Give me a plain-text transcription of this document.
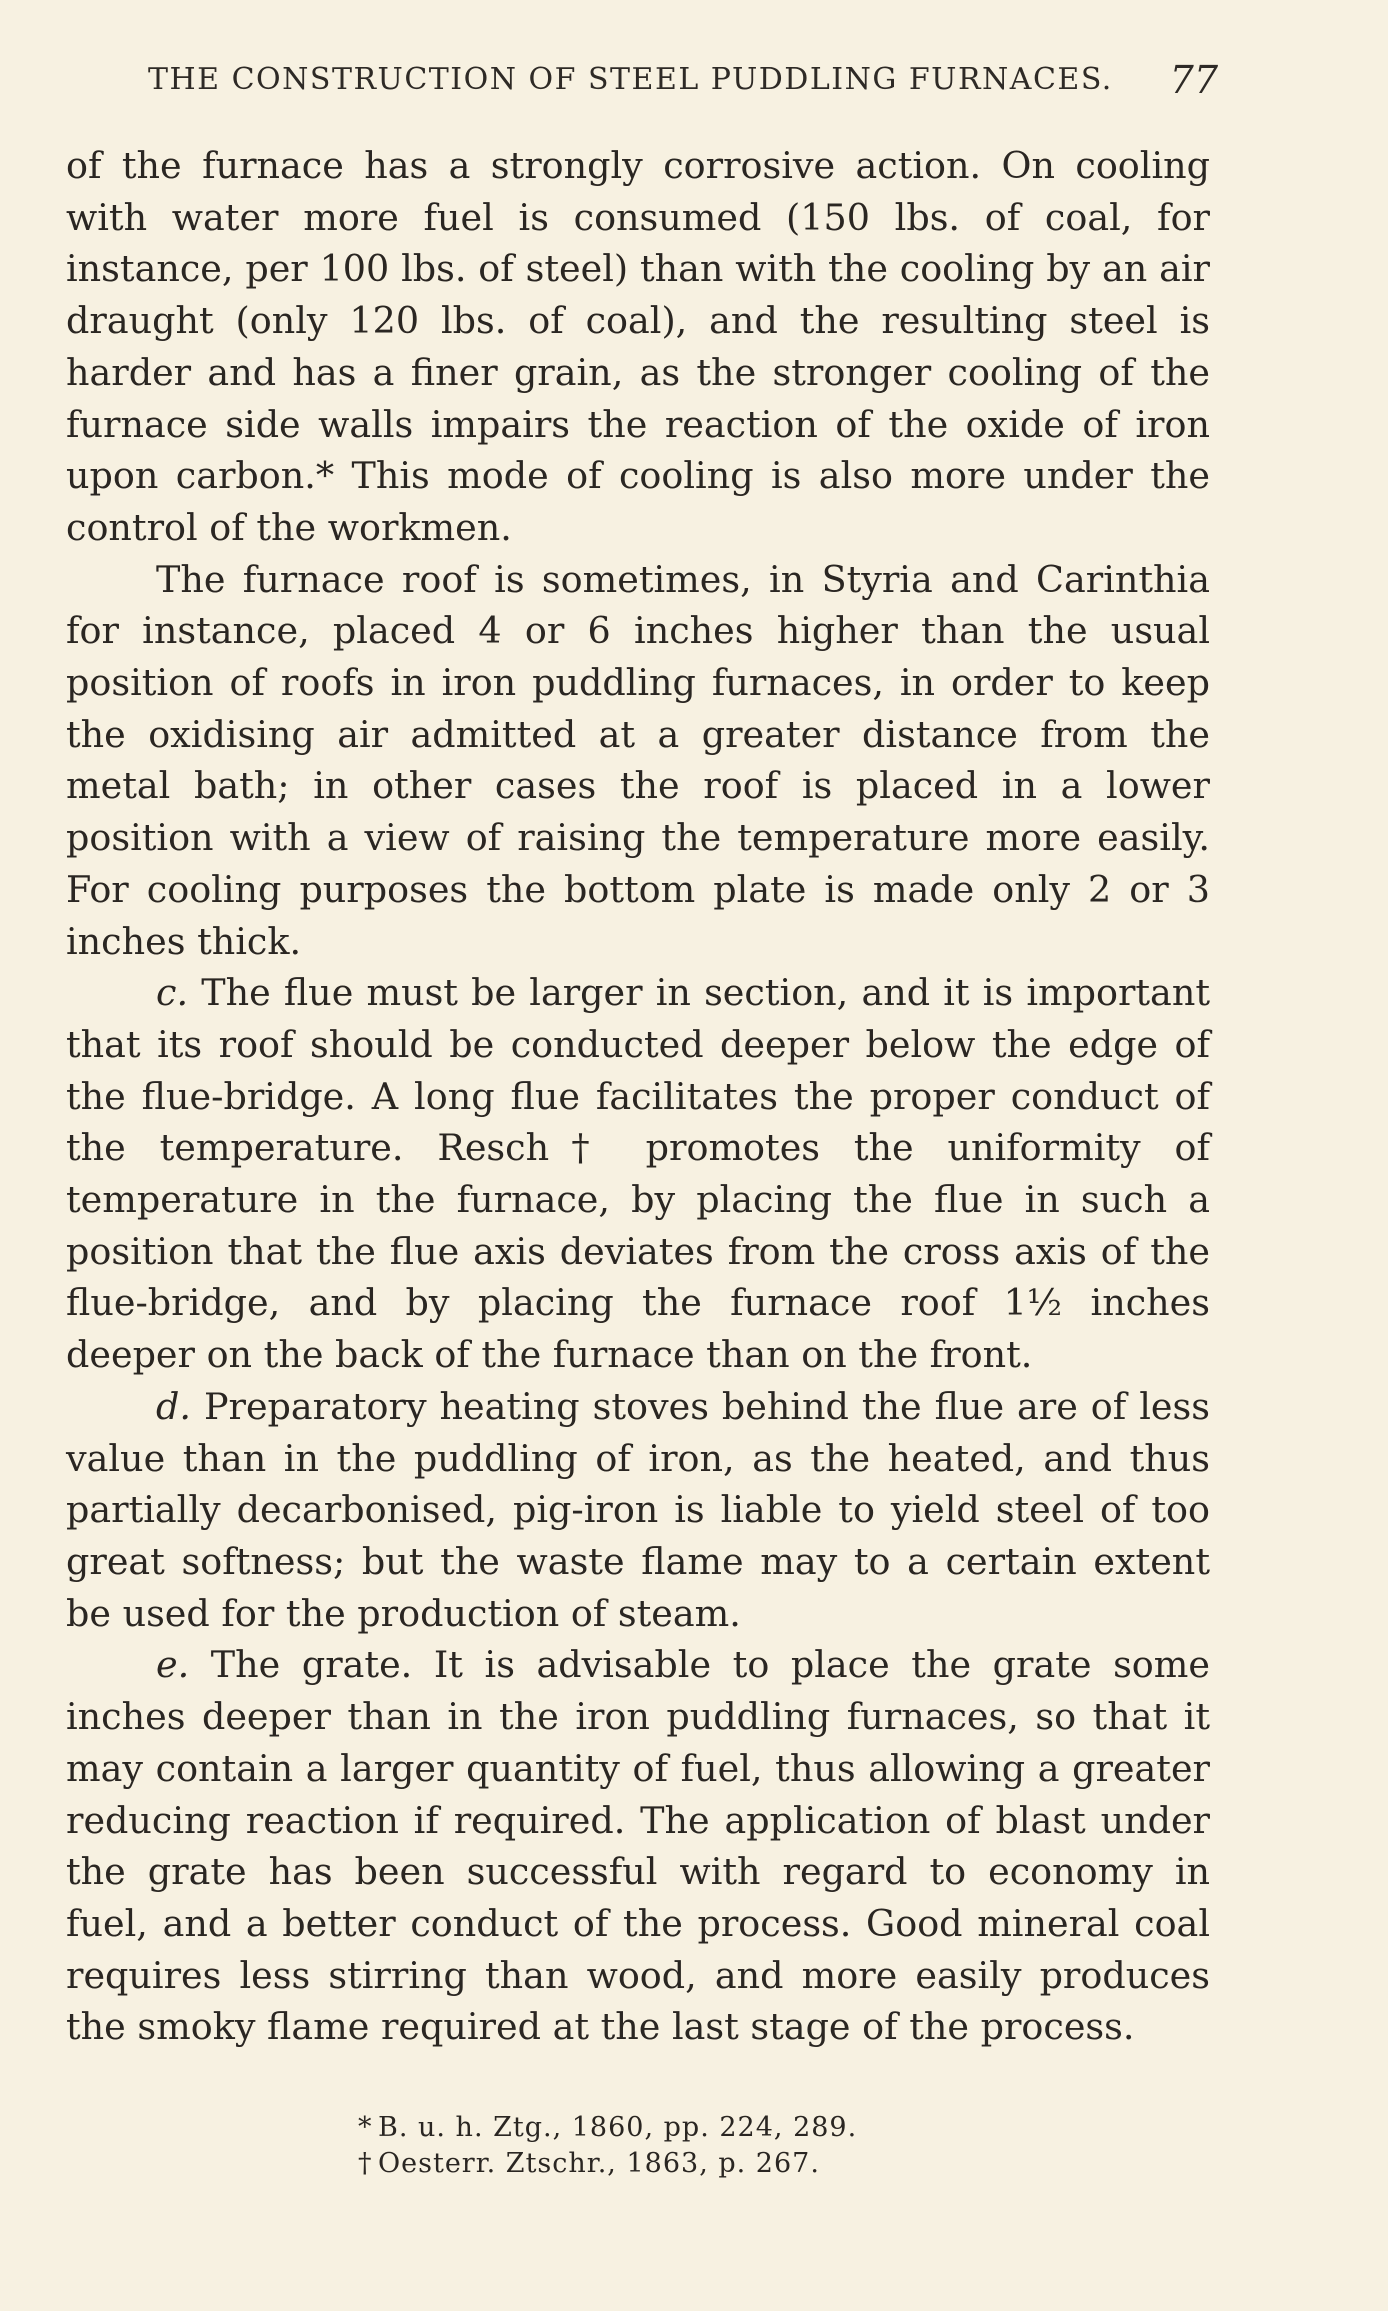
THE CONSTRUCTION OF STEEL PUDDLING FURNACES. 77

of the furnace has a strongly corrosive action. On cooling with water more fuel is consumed (150 lbs. of coal, for instance, per 100 lbs. of steel) than with the cooling by an air draught (only 120 lbs. of coal), and the resulting steel is harder and has a finer grain, as the stronger cooling of the furnace side walls impairs the reaction of the oxide of iron upon carbon.* This mode of cooling is also more under the control of the workmen.

The furnace roof is sometimes, in Styria and Carinthia for instance, placed 4 or 6 inches higher than the usual position of roofs in iron puddling furnaces, in order to keep the oxidising air admitted at a greater distance from the metal bath; in other cases the roof is placed in a lower position with a view of raising the temperature more easily. For cooling purposes the bottom plate is made only 2 or 3 inches thick.

c. The flue must be larger in section, and it is important that its roof should be conducted deeper below the edge of the flue-bridge. A long flue facilitates the proper conduct of the temperature. Resch† promotes the uniformity of temperature in the furnace, by placing the flue in such a position that the flue axis deviates from the cross axis of the flue-bridge, and by placing the furnace roof 1½ inches deeper on the back of the furnace than on the front.

d. Preparatory heating stoves behind the flue are of less value than in the puddling of iron, as the heated, and thus partially decarbonised, pig-iron is liable to yield steel of too great softness; but the waste flame may to a certain extent be used for the production of steam.

e. The grate. It is advisable to place the grate some inches deeper than in the iron puddling furnaces, so that it may contain a larger quantity of fuel, thus allowing a greater reducing reaction if required. The application of blast under the grate has been successful with regard to economy in fuel, and a better conduct of the process. Good mineral coal requires less stirring than wood, and more easily produces the smoky flame required at the last stage of the process.

* B. u. h. Ztg., 1860, pp. 224, 289.
† Oesterr. Ztschr., 1863, p. 267.
